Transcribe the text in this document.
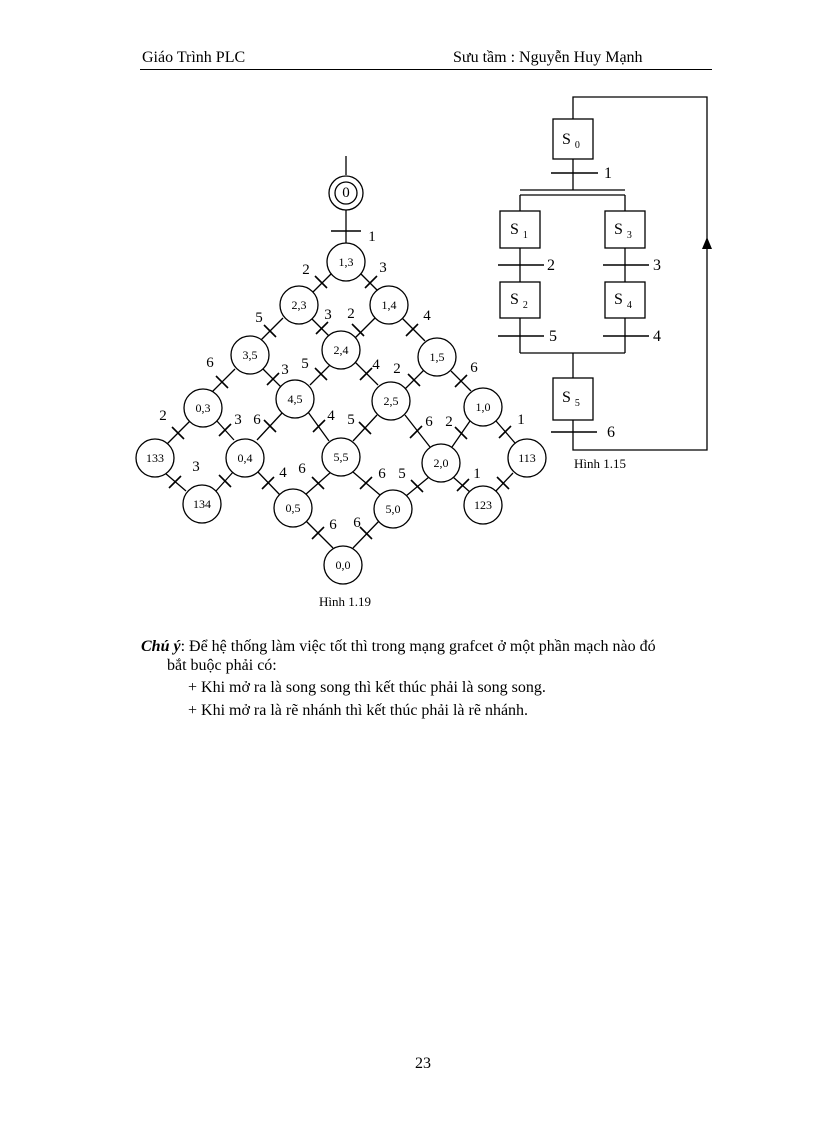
Giáo Trình PLC	Sưu tầm : Nguyễn Huy Mạnh
0
1,3
2,3	1,4
3,5	2,4	1,5
0,3
4,5	2,5	1,0
133	0,4	5,5	2,0	113
134	0,5	5,0	123
0,0
1
2	3
5	3 2	4
6	3 5	4 2	6
2	3 6	4 5	6 2	1
3	4 6	6 5	1
6 6
Hình 1.19
S $_0$
S $_1$	S $_3$
S $_2$	S $_4$
S $_5$
1
2	3
5	4
6
Hình 1.15
Chú ý: Để hệ thống làm việc tốt thì trong mạng grafcet ở một phần mạch nào đó
bắt buộc phải có:
+ Khi mở ra là song song thì kết thúc phải là song song.
+ Khi mở ra là rẽ nhánh thì kết thúc phải là rẽ nhánh.
23
